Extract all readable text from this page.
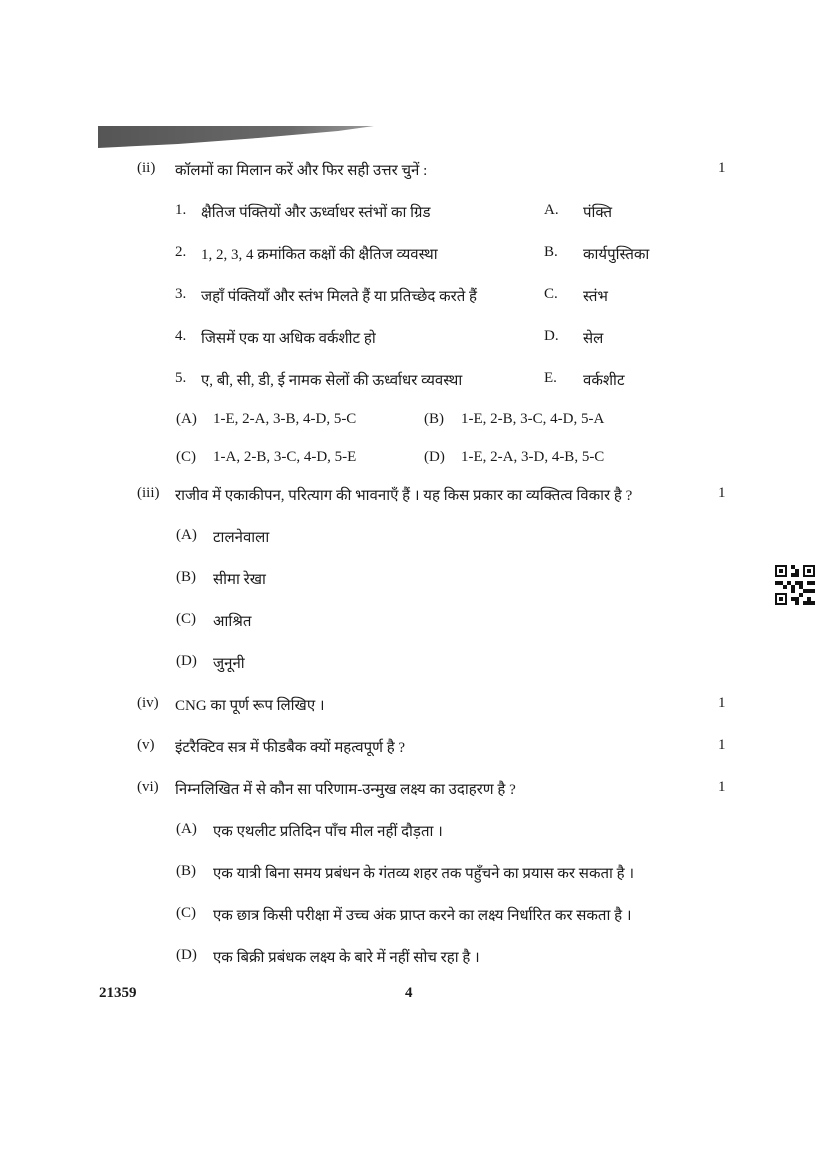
(ii) कॉलमों का मिलान करें और फिर सही उत्तर चुनें :	1
1. क्षैतिज पंक्तियों और ऊर्ध्वाधर स्तंभों का ग्रिड	A. पंक्ति
2. 1, 2, 3, 4 क्रमांकित कक्षों की क्षैतिज व्यवस्था	B. कार्यपुस्तिका
3. जहाँ पंक्तियाँ और स्तंभ मिलते हैं या प्रतिच्छेद करते हैं	C. स्तंभ
4. जिसमें एक या अधिक वर्कशीट हो	D. सेल
5. ए, बी, सी, डी, ई नामक सेलों की ऊर्ध्वाधर व्यवस्था	E. वर्कशीट
(A) 1-E, 2-A, 3-B, 4-D, 5-C	(B) 1-E, 2-B, 3-C, 4-D, 5-A
(C) 1-A, 2-B, 3-C, 4-D, 5-E	(D) 1-E, 2-A, 3-D, 4-B, 5-C
(iii) राजीव में एकाकीपन, परित्याग की भावनाएँ हैं । यह किस प्रकार का व्यक्तित्व विकार है ?	1
(A) टालनेवाला
(B) सीमा रेखा
(C) आश्रित
(D) जुनूनी
(iv) CNG का पूर्ण रूप लिखिए ।	1
(v) इंटरैक्टिव सत्र में फीडबैक क्यों महत्वपूर्ण है ?	1
(vi) निम्नलिखित में से कौन सा परिणाम-उन्मुख लक्ष्य का उदाहरण है ?	1
(A) एक एथलीट प्रतिदिन पाँच मील नहीं दौड़ता ।
(B) एक यात्री बिना समय प्रबंधन के गंतव्य शहर तक पहुँचने का प्रयास कर सकता है ।
(C) एक छात्र किसी परीक्षा में उच्च अंक प्राप्त करने का लक्ष्य निर्धारित कर सकता है ।
(D) एक बिक्री प्रबंधक लक्ष्य के बारे में नहीं सोच रहा है ।
21359	4
